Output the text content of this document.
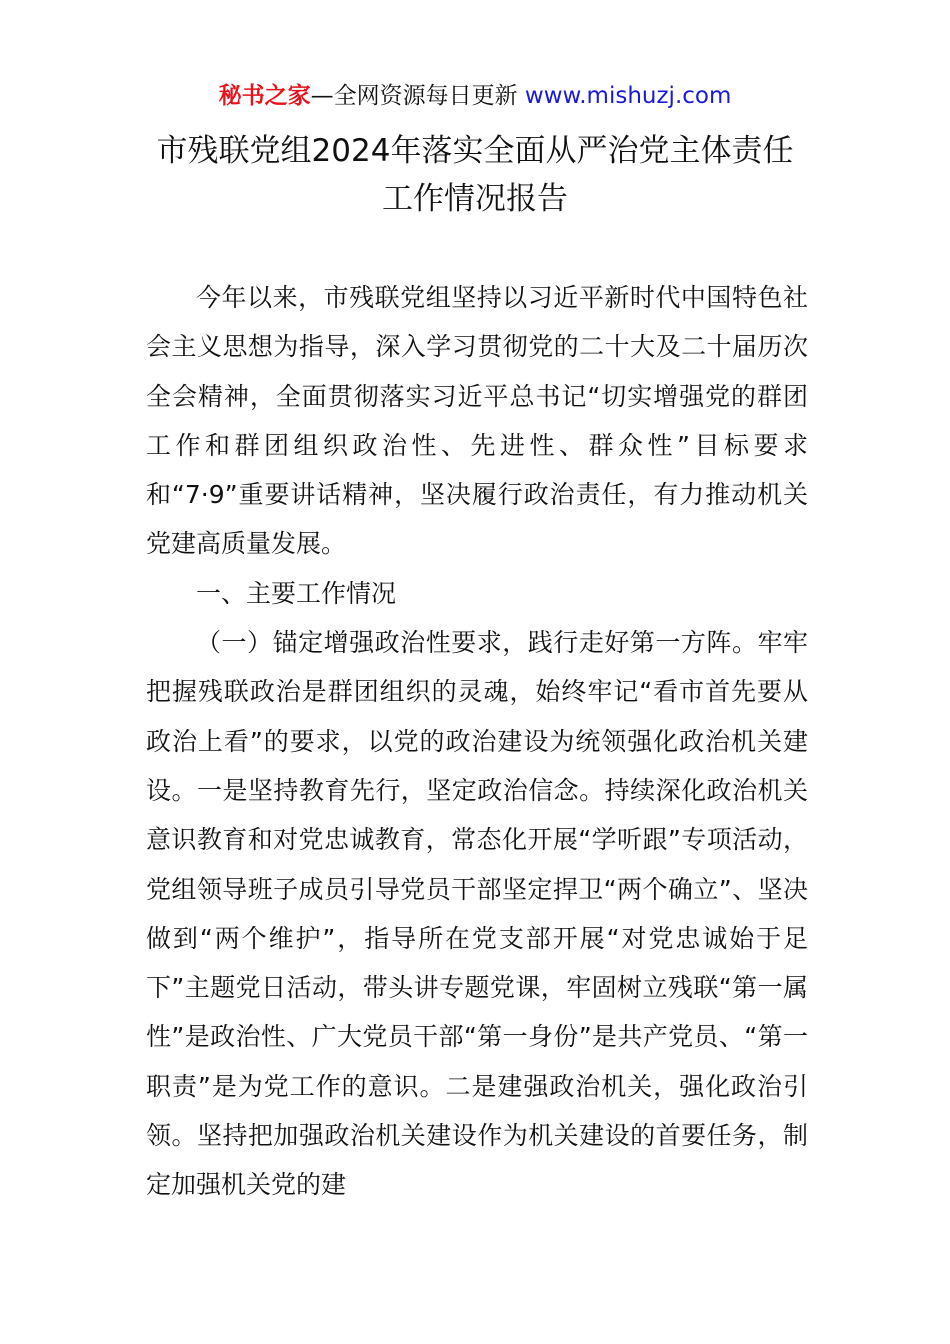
秘书之家—全网资源每日更新 www.mishuzj.com
市残联党组2024年落实全面从严治党主体责任
工作情况报告

今年以来，市残联党组坚持以习近平新时代中国特色社会主义思想为指导，深入学习贯彻党的二十大及二十届历次全会精神，全面贯彻落实习近平总书记“切实增强党的群团工作和群团组织政治性、先进性、群众性”目标要求和“7·9”重要讲话精神，坚决履行政治责任，有力推动机关党建高质量发展。

一、主要工作情况

（一）锚定增强政治性要求，践行走好第一方阵。牢牢把握残联政治是群团组织的灵魂，始终牢记“看市首先要从政治上看”的要求，以党的政治建设为统领强化政治机关建设。一是坚持教育先行，坚定政治信念。持续深化政治机关意识教育和对党忠诚教育，常态化开展“学听跟”专项活动，党组领导班子成员引导党员干部坚定捍卫“两个确立”、坚决做到“两个维护”，指导所在党支部开展“对党忠诚始于足下”主题党日活动，带头讲专题党课，牢固树立残联“第一属性”是政治性、广大党员干部“第一身份”是共产党员、“第一职责”是为党工作的意识。二是建强政治机关，强化政治引领。坚持把加强政治机关建设作为机关建设的首要任务，制定加强机关党的建
